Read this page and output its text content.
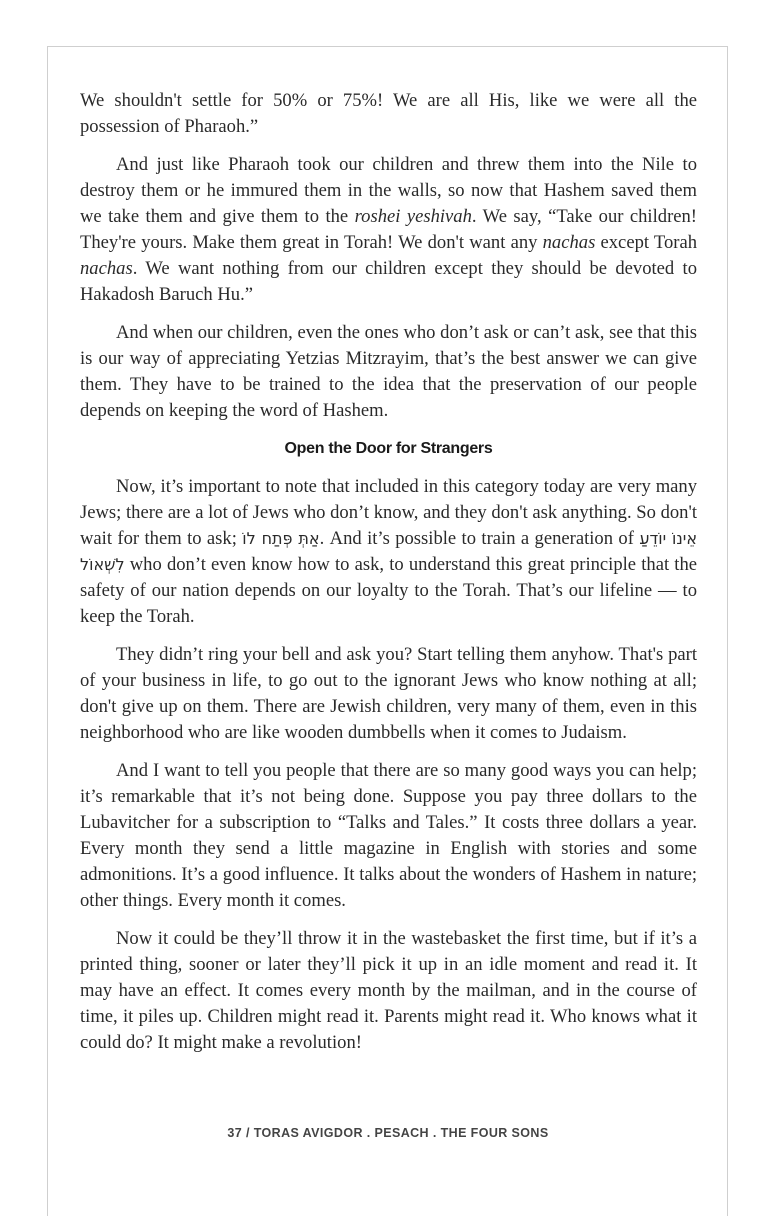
We shouldn't settle for 50% or 75%! We are all His, like we were all the possession of Pharaoh.”

And just like Pharaoh took our children and threw them into the Nile to destroy them or he immured them in the walls, so now that Hashem saved them we take them and give them to the roshei yeshivah. We say, “Take our children! They're yours. Make them great in Torah! We don't want any nachas except Torah nachas. We want nothing from our children except they should be devoted to Hakadosh Baruch Hu.”

And when our children, even the ones who don’t ask or can’t ask, see that this is our way of appreciating Yetzias Mitzrayim, that’s the best answer we can give them. They have to be trained to the idea that the preservation of our people depends on keeping the word of Hashem.

Open the Door for Strangers

Now, it’s important to note that included in this category today are very many Jews; there are a lot of Jews who don’t know, and they don't ask anything. So don't wait for them to ask; אַתְּ פְּתַח לוֹ. And it’s possible to train a generation of אֵינוֹ יוֹדֵעַ לִשְׁאוֹל who don’t even know how to ask, to understand this great principle that the safety of our nation depends on our loyalty to the Torah. That’s our lifeline — to keep the Torah.

They didn’t ring your bell and ask you? Start telling them anyhow. That's part of your business in life, to go out to the ignorant Jews who know nothing at all; don't give up on them. There are Jewish children, very many of them, even in this neighborhood who are like wooden dumbbells when it comes to Judaism.

And I want to tell you people that there are so many good ways you can help; it’s remarkable that it’s not being done. Suppose you pay three dollars to the Lubavitcher for a subscription to “Talks and Tales.” It costs three dollars a year. Every month they send a little magazine in English with stories and some admonitions. It’s a good influence. It talks about the wonders of Hashem in nature; other things. Every month it comes.

Now it could be they’ll throw it in the wastebasket the first time, but if it’s a printed thing, sooner or later they’ll pick it up in an idle moment and read it. It may have an effect. It comes every month by the mailman, and in the course of time, it piles up. Children might read it. Parents might read it. Who knows what it could do? It might make a revolution!

37 / TORAS AVIGDOR . PESACH . THE FOUR SONS
